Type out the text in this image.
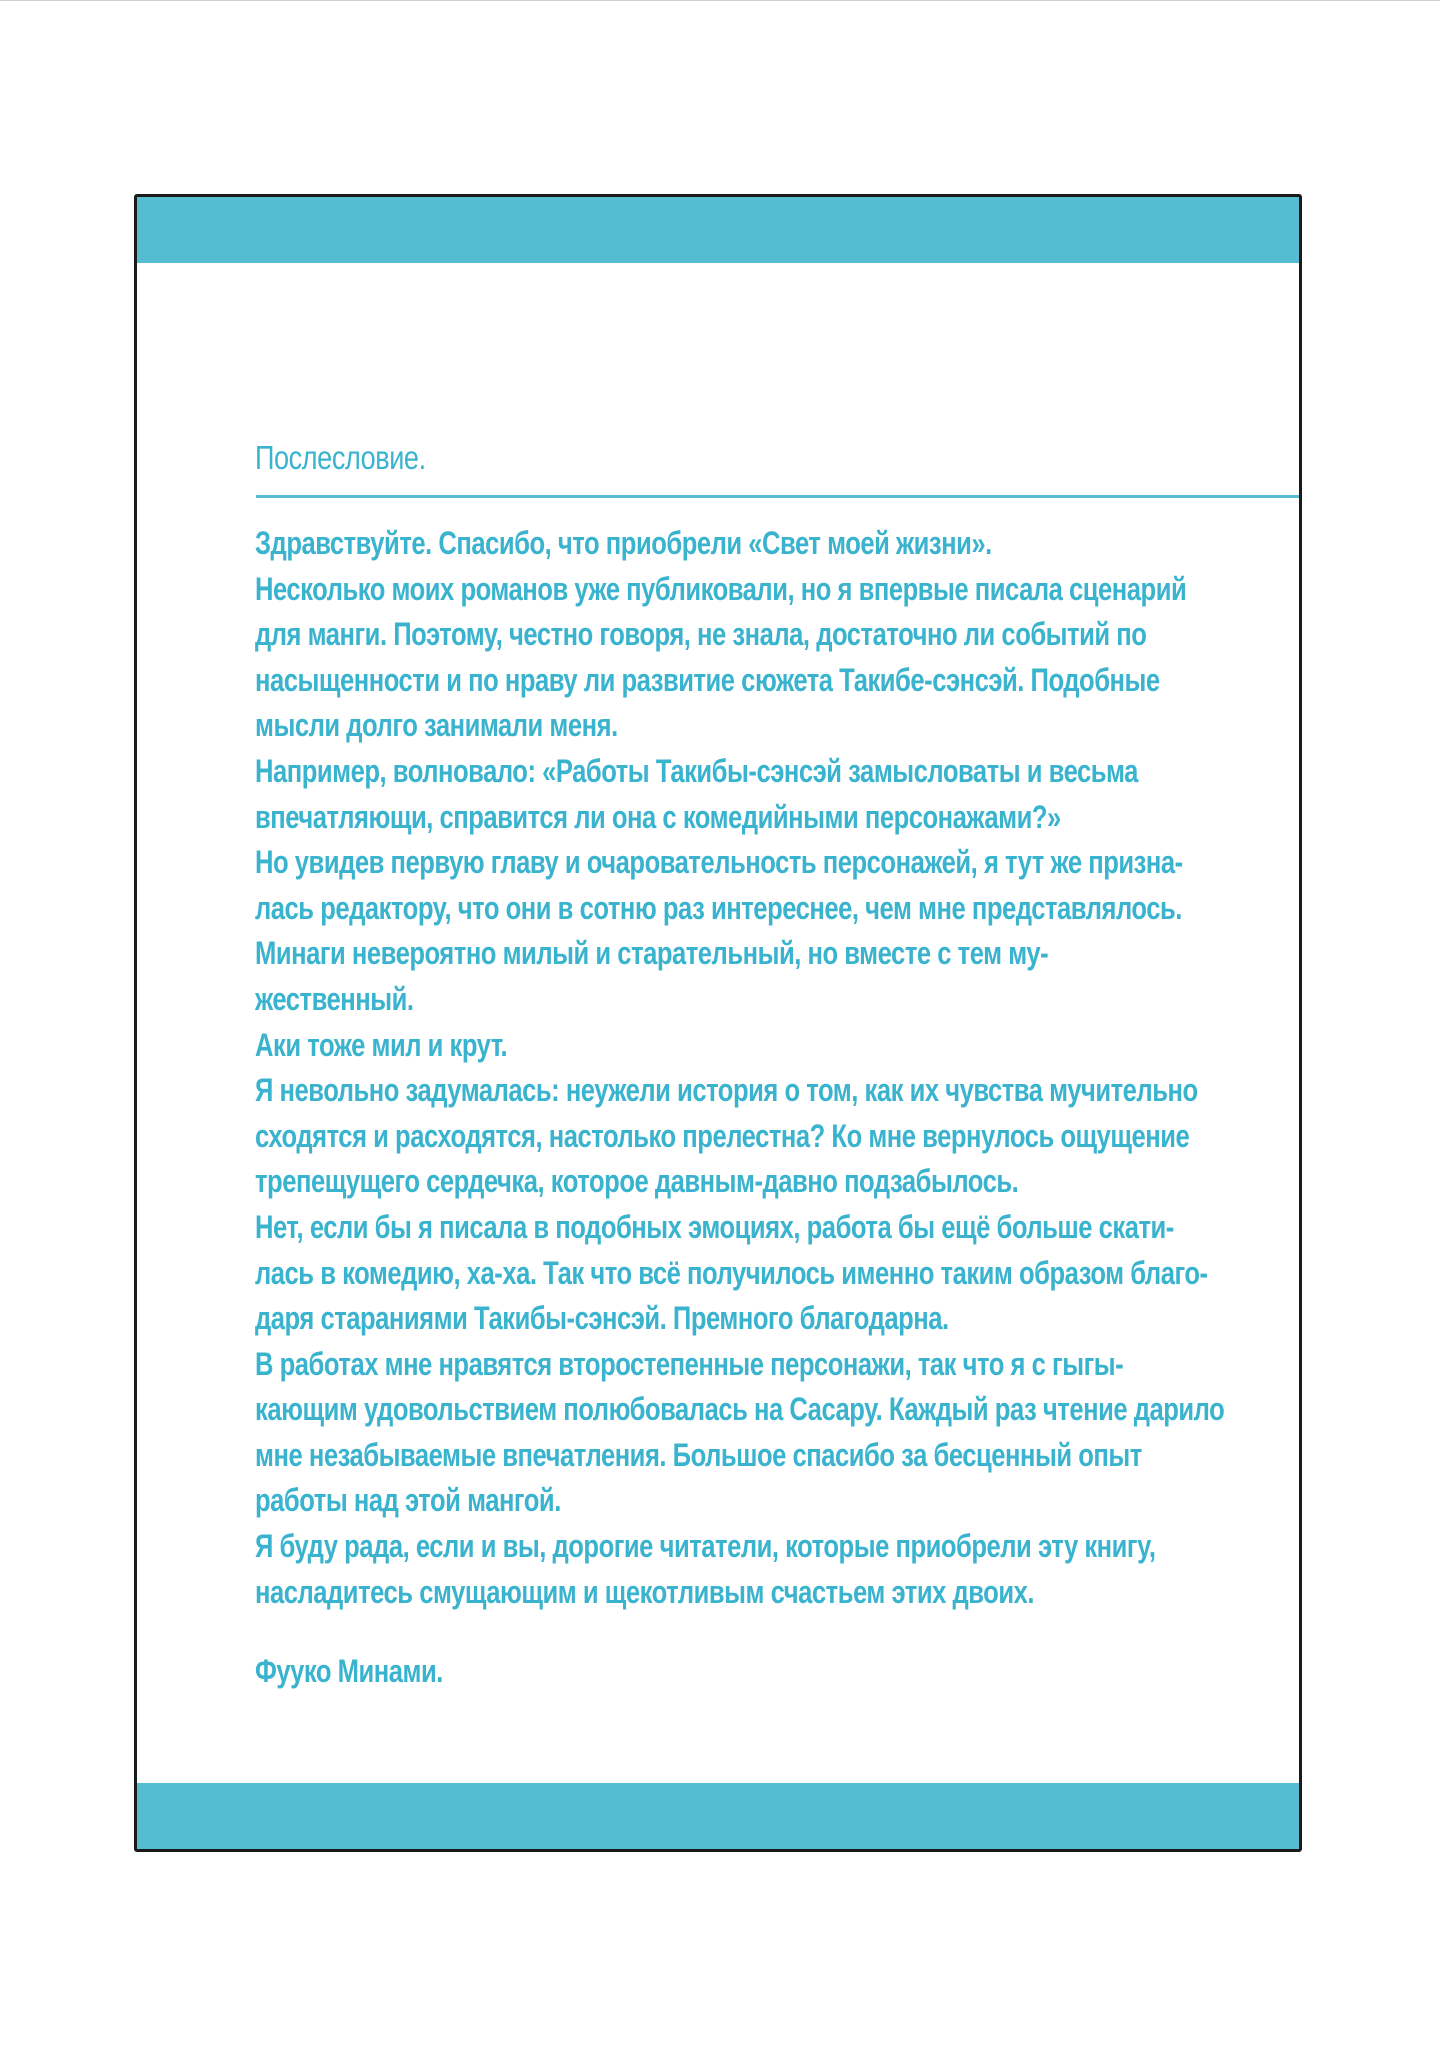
Послесловие.
Здравствуйте. Спасибо, что приобрели «Свет моей жизни».
Несколько моих романов уже публиковали, но я впервые писала сценарий
для манги. Поэтому, честно говоря, не знала, достаточно ли событий по
насыщенности и по нраву ли развитие сюжета Такибе-сэнсэй. Подобные
мысли долго занимали меня.
Например, волновало: «Работы Такибы-сэнсэй замысловаты и весьма
впечатляющи, справится ли она с комедийными персонажами?»
Но увидев первую главу и очаровательность персонажей, я тут же призна-
лась редактору, что они в сотню раз интереснее, чем мне представлялось.
Минаги невероятно милый и старательный, но вместе с тем му-
жественный.
Аки тоже мил и крут.
Я невольно задумалась: неужели история о том, как их чувства мучительно
сходятся и расходятся, настолько прелестна? Ко мне вернулось ощущение
трепещущего сердечка, которое давным-давно подзабылось.
Нет, если бы я писала в подобных эмоциях, работа бы ещё больше скати-
лась в комедию, ха-ха. Так что всё получилось именно таким образом благо-
даря стараниями Такибы-сэнсэй. Премного благодарна.
В работах мне нравятся второстепенные персонажи, так что я с гыгы-
кающим удовольствием полюбовалась на Сасару. Каждый раз чтение дарило
мне незабываемые впечатления. Большое спасибо за бесценный опыт
работы над этой мангой.
Я буду рада, если и вы, дорогие читатели, которые приобрели эту книгу,
насладитесь смущающим и щекотливым счастьем этих двоих.
Фууко Минами.
